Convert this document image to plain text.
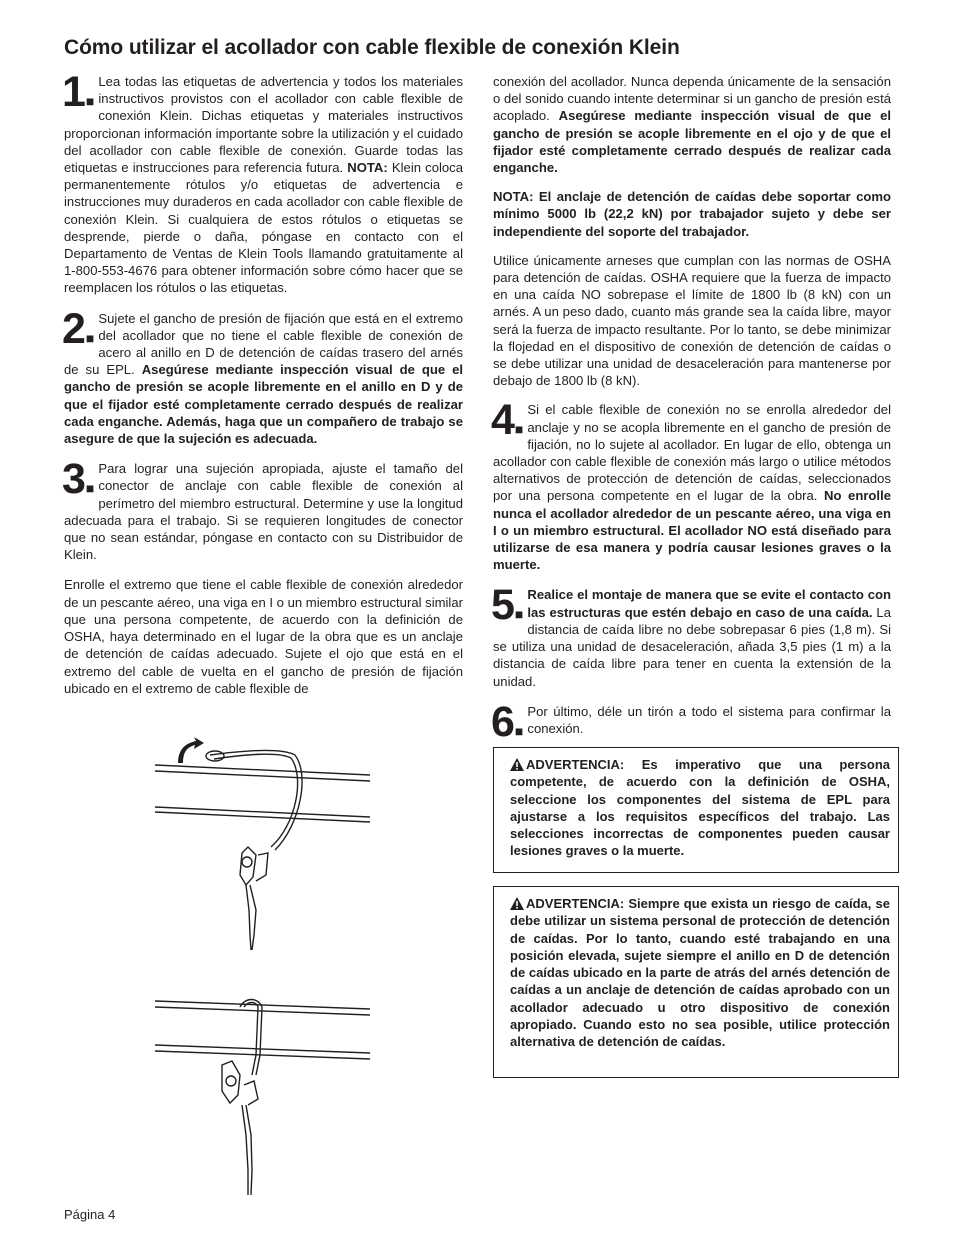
Cómo utilizar el acollador con cable flexible de conexión Klein
1■
Lea todas las etiquetas de advertencia y todos los materiales instructivos provistos con el acollador con cable flexible de conexión Klein. Dichas etiquetas y materiales instructivos proporcionan información importante sobre la utilización y el cuidado del acollador con cable flexible de conexión. Guarde todas las etiquetas e instrucciones para referencia futura. NOTA: Klein coloca permanentemente rótulos y/o etiquetas de advertencia e instrucciones muy duraderos en cada acollador con cable flexible de conexión Klein. Si cualquiera de estos rótulos o etiquetas se desprende, pierde o daña, póngase en contacto con el Departamento de Ventas de Klein Tools llamando gratuitamente al 1-800-553-4676 para obtener información sobre cómo hacer que se reemplacen los rótulos o las etiquetas.
2■
Sujete el gancho de presión de fijación que está en el extremo del acollador que no tiene el cable flexible de conexión de acero al anillo en D de detención de caídas trasero del arnés de su EPL. Asegúrese mediante inspección visual de que el gancho de presión se acople libremente en el anillo en D y de que el fijador esté completamente cerrado después de realizar cada enganche. Además, haga que un compañero de trabajo se asegure de que la sujeción es adecuada.
3■
Para lograr una sujeción apropiada, ajuste el tamaño del conector de anclaje con cable flexible de conexión al perímetro del miembro estructural. Determine y use la longitud adecuada para el trabajo. Si se requieren longitudes de conector que no sean estándar, póngase en contacto con su Distribuidor de Klein.
Enrolle el extremo que tiene el cable flexible de conexión alrededor de un pescante aéreo, una viga en I o un miembro estructural similar que una persona competente, de acuerdo con la definición de OSHA, haya determinado en el lugar de la obra que es un anclaje de detención de caídas adecuado. Sujete el ojo que está en el extremo del cable de vuelta en el gancho de presión de fijación ubicado en el extremo de cable flexible de
conexión del acollador. Nunca dependa únicamente de la sensación o del sonido cuando intente determinar si un gancho de presión está acoplado. Asegúrese mediante inspección visual de que el gancho de presión se acople libremente en el ojo y de que el fijador esté completamente cerrado después de realizar cada enganche.
NOTA: El anclaje de detención de caídas debe soportar como mínimo 5000 lb (22,2 kN) por trabajador sujeto y debe ser independiente del soporte del trabajador.
Utilice únicamente arneses que cumplan con las normas de OSHA para detención de caídas. OSHA requiere que la fuerza de impacto en una caída NO sobrepase el límite de 1800 lb (8 kN) con un arnés. A un peso dado, cuanto más grande sea la caída libre, mayor será la fuerza de impacto resultante. Por lo tanto, se debe minimizar la flojedad en el dispositivo de conexión de detención de caídas o se debe utilizar una unidad de desaceleración para mantenerse por debajo de 1800 lb (8 kN).
4■
Si el cable flexible de conexión no se enrolla alrededor del anclaje y no se acopla libremente en el gancho de presión de fijación, no lo sujete al acollador. En lugar de ello, obtenga un acollador con cable flexible de conexión más largo o utilice métodos alternativos de protección de detención de caídas, seleccionados por una persona competente en el lugar de la obra. No enrolle nunca el acollador alrededor de un pescante aéreo, una viga en I o un miembro estructural. El acollador NO está diseñado para utilizarse de esa manera y podría causar lesiones graves o la muerte.
5■
Realice el montaje de manera que se evite el contacto con las estructuras que estén debajo en caso de una caída. La distancia de caída libre no debe sobrepasar 6 pies (1,8 m). Si se utiliza una unidad de desaceleración, añada 3,5 pies (1 m) a la distancia de caída libre para tener en cuenta la extensión de la unidad.
6■
Por último, déle un tirón a todo el sistema para confirmar la conexión.
ADVERTENCIA: Es imperativo que una persona competente, de acuerdo con la definición de OSHA, seleccione los componentes del sistema de EPL para ajustarse a los requisitos específicos del trabajo. Las selecciones incorrectas de componentes pueden causar lesiones graves o la muerte.
ADVERTENCIA: Siempre que exista un riesgo de caída, se debe utilizar un sistema personal de protección de detención de caídas. Por lo tanto, cuando esté trabajando en una posición elevada, sujete siempre el anillo en D de detención de caídas ubicado en la parte de atrás del arnés detención de caídas a un anclaje de detención de caídas aprobado con un acollador adecuado u otro dispositivo de conexión apropiado. Cuando esto no sea posible, utilice protección alternativa de detención de caídas.
Página 4
